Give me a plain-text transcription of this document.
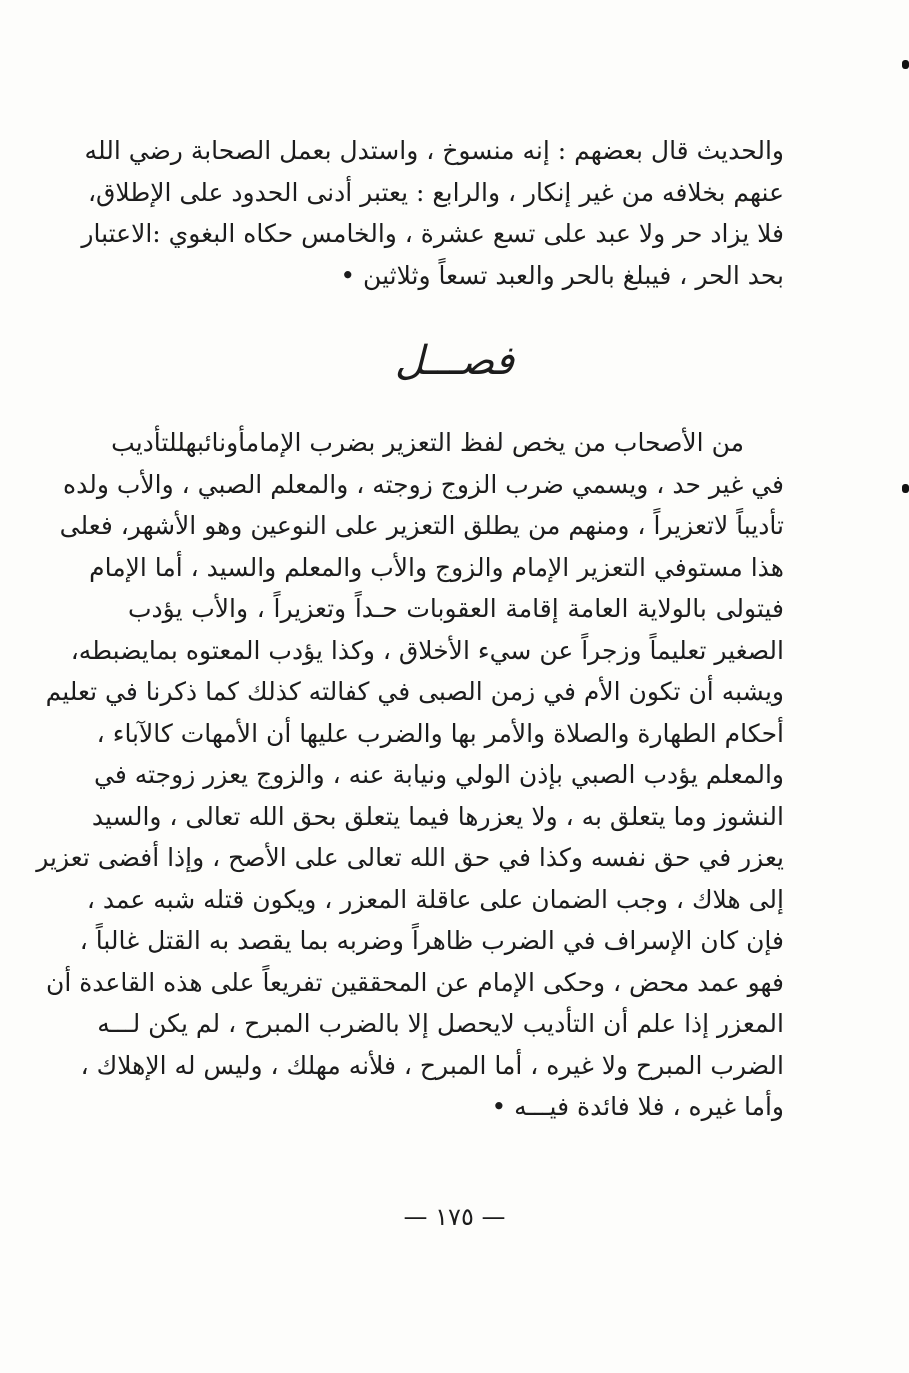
والحديث قال بعضهم : إنه منسوخ ، واستدل بعمل الصحابة رضي الله
عنهم بخلافه من غير إنكار ، والرابع : يعتبر أدنى الحدود على الإطلاق،
فلا يزاد حر ولا عبد على تسع عشرة ، والخامس حكاه البغوي :الاعتبار
بحد الحر ، فيبلغ بالحر والعبد تسعاً وثلاثين •
فصـــل
من الأصحاب من يخص لفظ التعزير بضرب الإمامأونائبهللتأديب
في غير حد ، ويسمي ضرب الزوج زوجته ، والمعلم الصبي ، والأب ولده
تأديباً لاتعزيراً ، ومنهم من يطلق التعزير على النوعين وهو الأشهر، فعلى
هذا مستوفي التعزير الإمام والزوج والأب والمعلم والسيد ، أما الإمام
فيتولى بالولاية العامة إقامة العقوبات حـداً وتعزيراً ، والأب يؤدب
الصغير تعليماً وزجراً عن سيء الأخلاق ، وكذا يؤدب المعتوه بمايضبطه،
ويشبه أن تكون الأم في زمن الصبى في كفالته كذلك كما ذكرنا في تعليم
أحكام الطهارة والصلاة والأمر بها والضرب عليها أن الأمهات كالآباء ،
والمعلم يؤدب الصبي بإذن الولي ونيابة عنه ، والزوج يعزر زوجته في
النشوز وما يتعلق به ، ولا يعزرها فيما يتعلق بحق الله تعالى ، والسيد
يعزر في حق نفسه وكذا في حق الله تعالى على الأصح ، وإذا أفضى تعزير
إلى هلاك ، وجب الضمان على عاقلة المعزر ، ويكون قتله شبه عمد ،
فإن كان الإسراف في الضرب ظاهراً وضربه بما يقصد به القتل غالباً ،
فهو عمد محض ، وحكى الإمام عن المحققين تفريعاً على هذه القاعدة أن
المعزر إذا علم أن التأديب لايحصل إلا بالضرب المبرح ، لم يكن لـــه
الضرب المبرح ولا غيره ، أما المبرح ، فلأنه مهلك ، وليس له الإهلاك ،
وأما غيره ، فلا فائدة فيـــه •
— ١٧٥ —
